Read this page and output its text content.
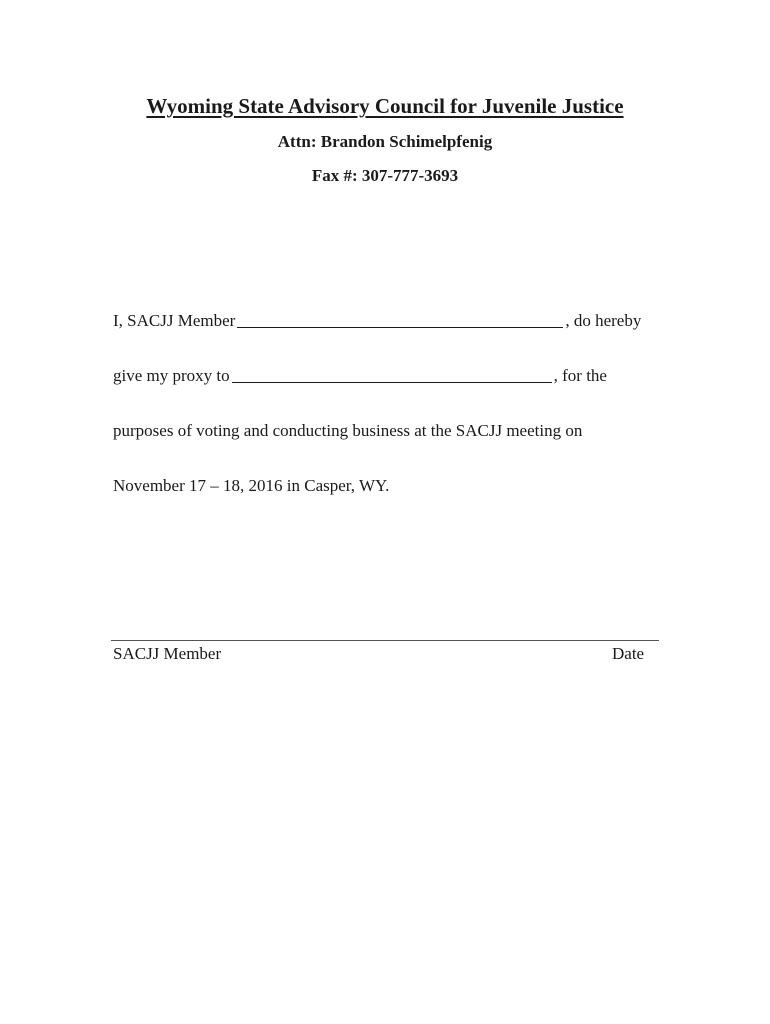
Wyoming State Advisory Council for Juvenile Justice
Attn: Brandon Schimelpfenig
Fax #: 307-777-3693
I, SACJJ Member	, do hereby
give my proxy to	, for the
purposes of voting and conducting business at the SACJJ meeting on
November 17 – 18, 2016 in Casper, WY.
SACJJ Member	Date
